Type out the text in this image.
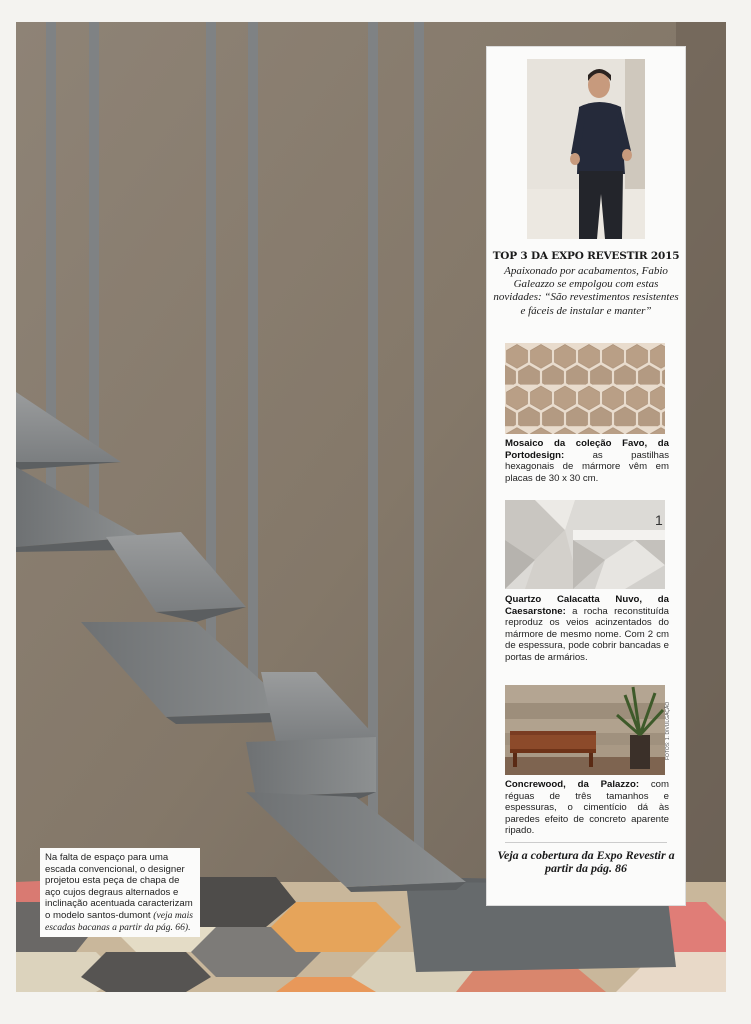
TOP 3 DA EXPO REVESTIR 2015
Apaixonado por acabamentos, Fabio Galeazzo se empolgou com estas novidades: “São revestimentos resistentes e fáceis de instalar e manter”
Mosaico da coleção Favo, da Portodesign: as pastilhas hexagonais de mármore vêm em placas de 30 x 30 cm.
1
Quartzo Calacatta Nuvo, da Caesarstone: a rocha reconstituída reproduz os veios acinzentados do mármore de mesmo nome. Com 2 cm de espessura, pode cobrir bancadas e portas de armários.
Concrewood, da Palazzo: com réguas de três tamanhos e espessuras, o cimentício dá às paredes efeito de concreto aparente ripado.
Veja a cobertura da Expo Revestir a partir da pág. 86
FOTOS: 1. DIVULGAÇÃO
Na falta de espaço para uma escada convencional, o designer projetou esta peça de chapa de aço cujos degraus alternados e inclinação acentuada caracterizam o modelo santos-dumont (veja mais escadas bacanas a partir da pág. 66).
